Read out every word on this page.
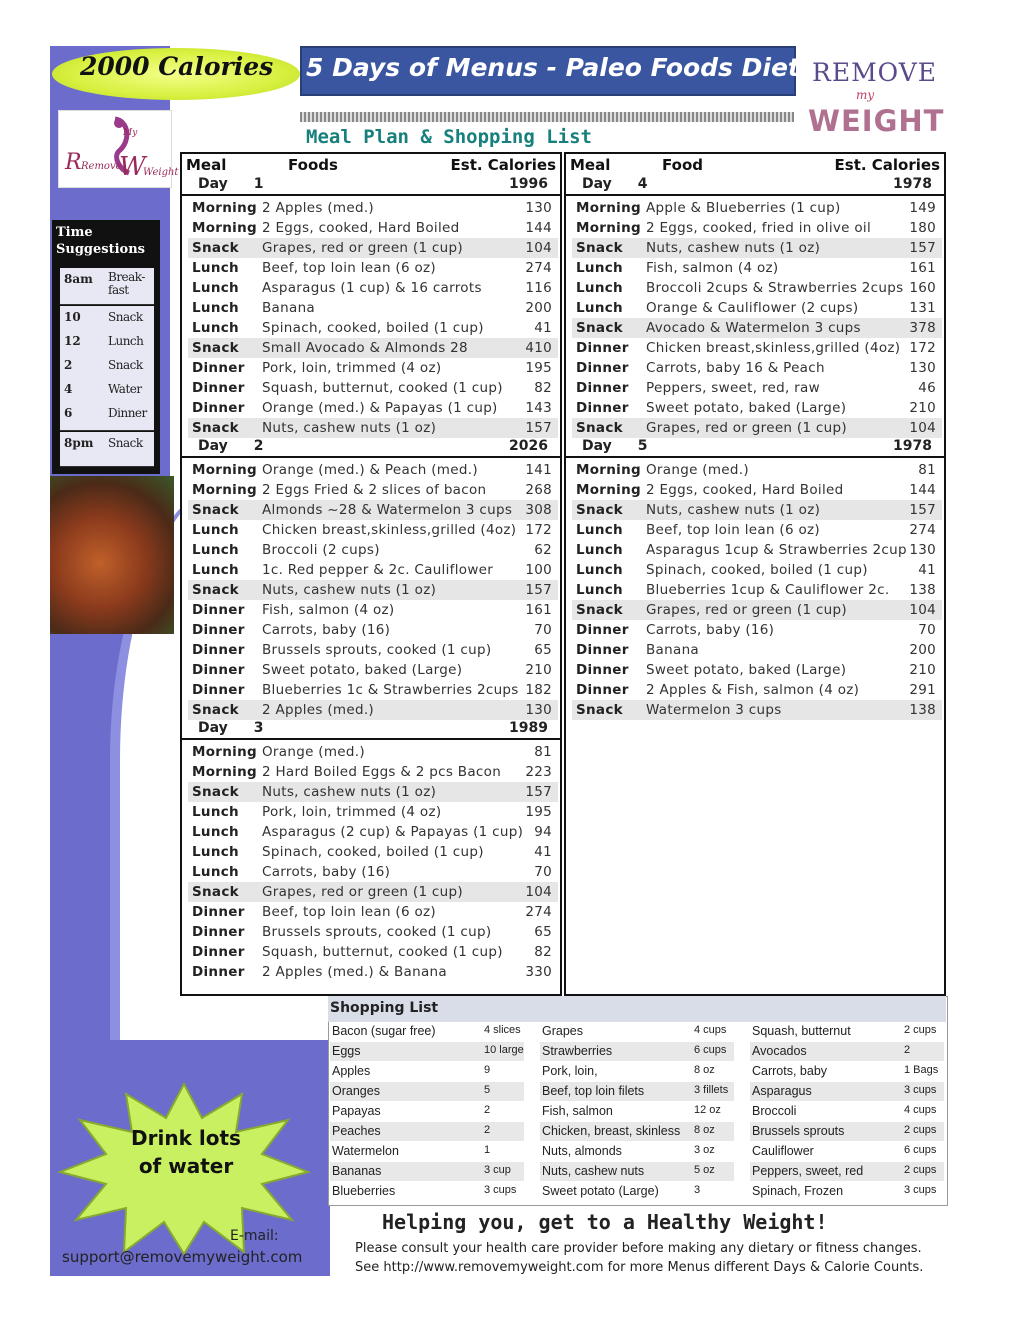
2000 Calories 5 Days of Menus - Paleo Foods Diet REMOVE
my
WEIGHT
Meal Plan & Shopping List
R W
My
Remove
Weight
Time Suggestions
8am Break-fast
10 Snack
12 Lunch
2	Snack
4	Water
6	Dinner
8pm Snack
Meal	Foods	Est. Calories
Day 1	1996
Morning 2 Apples (med.)	130
Morning 2 Eggs, cooked, Hard Boiled	144
Snack Grapes, red or green (1 cup)	104
Lunch Beef, top loin lean (6 oz)	274
Lunch Asparagus (1 cup) & 16 carrots	116
Lunch Banana	200
Lunch Spinach, cooked, boiled (1 cup)	41
Snack Small Avocado & Almonds 28	410
Dinner Pork, loin, trimmed (4 oz)	195
Dinner Squash, butternut, cooked (1 cup) 82
Dinner Orange (med.) & Papayas (1 cup) 143
Snack Nuts, cashew nuts (1 oz)	157
Day 2	2026
Morning Orange (med.) & Peach (med.)	141
Morning 2 Eggs Fried & 2 slices of bacon	268
Snack Almonds ~28 & Watermelon 3 cups 308
Lunch Chicken breast,skinless,grilled (4oz) 172
Lunch Broccoli (2 cups)	62
Lunch 1c. Red pepper & 2c. Cauliflower 100
Snack Nuts, cashew nuts (1 oz)	157
Dinner Fish, salmon (4 oz)	161
Dinner Carrots, baby (16)	70
Dinner Brussels sprouts, cooked (1 cup)	65
Dinner Sweet potato, baked (Large)	210
Dinner Blueberries 1c & Strawberries 2cups 182
Snack 2 Apples (med.)	130
Day 3	1989
Morning Orange (med.)	81
Morning 2 Hard Boiled Eggs & 2 pcs Bacon 223
Snack Nuts, cashew nuts (1 oz)	157
Lunch Pork, loin, trimmed (4 oz)	195
Lunch Asparagus (2 cup) & Papayas (1 cup) 94
Lunch Spinach, cooked, boiled (1 cup)	41
Lunch Carrots, baby (16)	70
Snack Grapes, red or green (1 cup)	104
Dinner Beef, top loin lean (6 oz)	274
Dinner Brussels sprouts, cooked (1 cup)	65
Dinner Squash, butternut, cooked (1 cup) 82
Dinner 2 Apples (med.) & Banana	330
Meal	Food	Est. Calories
Day 4	1978
Morning Apple & Blueberries (1 cup)	149
Morning 2 Eggs, cooked, fried in olive oil	180
Snack Nuts, cashew nuts (1 oz)	157
Lunch Fish, salmon (4 oz)	161
Lunch Broccoli 2cups & Strawberries 2cups 160
Lunch Orange & Cauliflower (2 cups)	131
Snack Avocado & Watermelon 3 cups	378
Dinner Chicken breast,skinless,grilled (4oz) 172
Dinner Carrots, baby 16 & Peach	130
Dinner Peppers, sweet, red, raw	46
Dinner Sweet potato, baked (Large)	210
Snack Grapes, red or green (1 cup)	104
Day 5	1978
Morning Orange (med.)	81
Morning 2 Eggs, cooked, Hard Boiled	144
Snack Nuts, cashew nuts (1 oz)	157
Lunch Beef, top loin lean (6 oz)	274
Lunch Asparagus 1cup & Strawberries 2cup 130
Lunch Spinach, cooked, boiled (1 cup)	41
Lunch Blueberries 1cup & Cauliflower 2c. 138
Snack Grapes, red or green (1 cup)	104
Dinner Carrots, baby (16)	70
Dinner Banana	200
Dinner Sweet potato, baked (Large)	210
Dinner 2 Apples & Fish, salmon (4 oz)	291
Snack Watermelon 3 cups	138
Shopping List
Bacon (sugar free)	4 slices
Eggs	10 large
Apples	9
Oranges	5
Papayas	2
Peaches	2
Watermelon	1
Bananas	3 cup
Blueberries	3 cups
Grapes	4 cups
Strawberries	6 cups
Pork, loin,	8 oz
Beef, top loin filets	3 fillets
Fish, salmon	12 oz
Chicken, breast, skinless 8 oz
Nuts, almonds	3 oz
Nuts, cashew nuts	5 oz
Sweet potato (Large)	3
Squash, butternut	2 cups
Avocados	2
Carrots, baby	1 Bags
Asparagus	3 cups
Broccoli	4 cups
Brussels sprouts	2 cups
Cauliflower	6 cups
Peppers, sweet, red	2 cups
Spinach, Frozen	3 cups
Drink lots
of water
E-mail:
support@removemyweight.com
Helping you, get to a Healthy Weight!
Please consult your health care provider before making any dietary or fitness changes.
See http://www.removemyweight.com for more Menus different Days & Calorie Counts.
